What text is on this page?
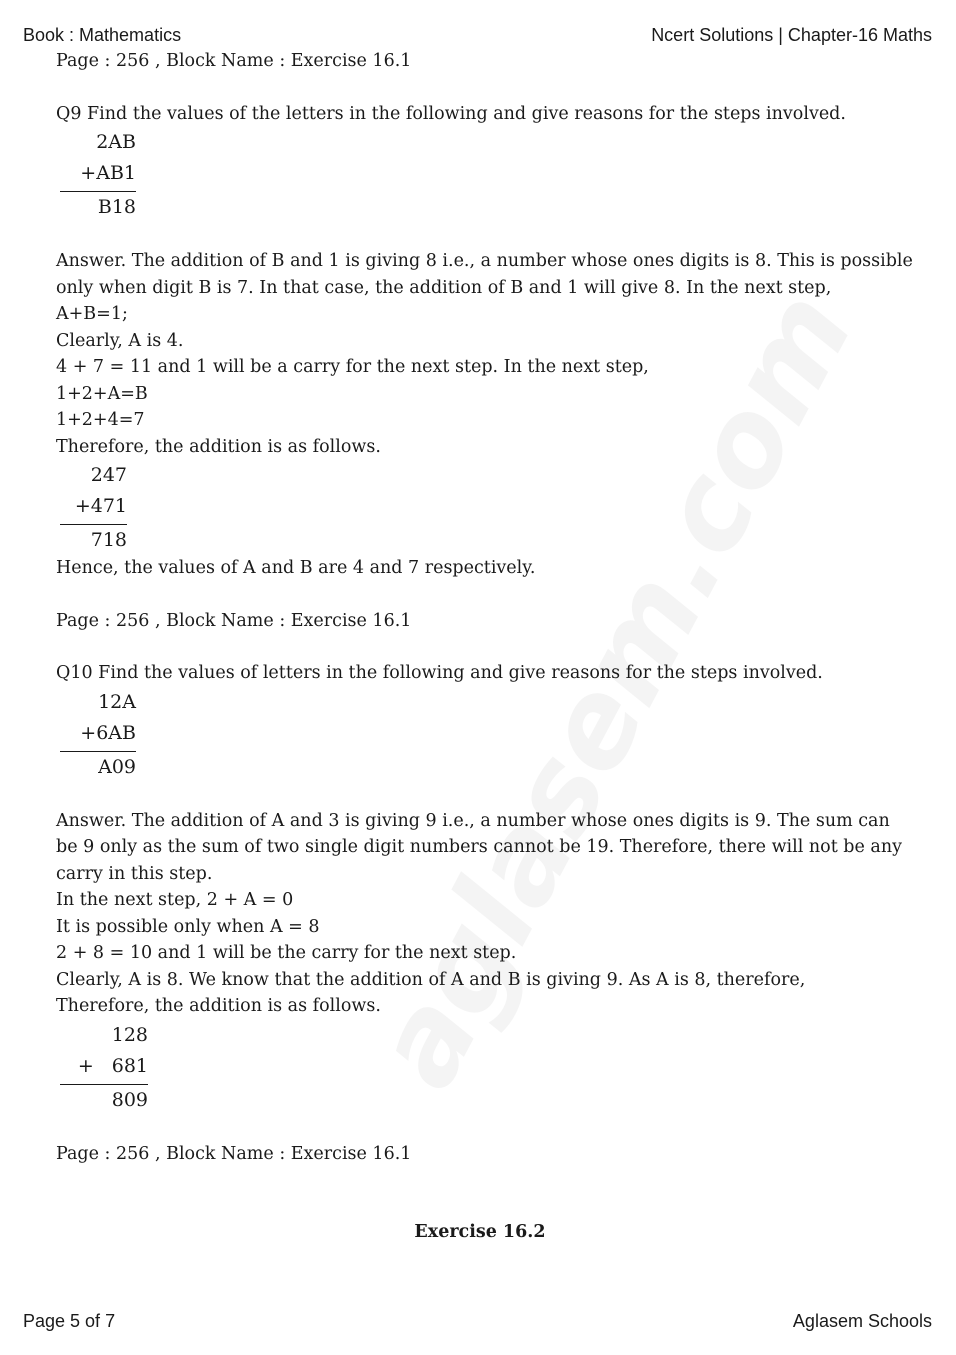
Book : Mathematics	Ncert Solutions | Chapter-16 Maths
Page : 256 , Block Name : Exercise 16.1
Q9 Find the values of the letters in the following and give reasons for the steps involved.
2AB
+AB1
B18
Answer. The addition of B and 1 is giving 8 i.e., a number whose ones digits is 8. This is possible only when digit B is 7. In that case, the addition of B and 1 will give 8. In the next step,
A+B=1;
Clearly, A is 4.
4 + 7 = 11 and 1 will be a carry for the next step. In the next step,
1+2+A=B
1+2+4=7
Therefore, the addition is as follows.
247
+471
718
Hence, the values of A and B are 4 and 7 respectively.
Page : 256 , Block Name : Exercise 16.1
Q10 Find the values of letters in the following and give reasons for the steps involved.
12A
+6AB
A09
Answer. The addition of A and 3 is giving 9 i.e., a number whose ones digits is 9. The sum can be 9 only as the sum of two single digit numbers cannot be 19. Therefore, there will not be any carry in this step.
In the next step, 2 + A = 0
It is possible only when A = 8
2 + 8 = 10 and 1 will be the carry for the next step.
Clearly, A is 8. We know that the addition of A and B is giving 9. As A is 8, therefore,
Therefore, the addition is as follows.
128
+ 681
809
Page : 256 , Block Name : Exercise 16.1
Exercise 16.2
Page 5 of 7	Aglasem Schools
